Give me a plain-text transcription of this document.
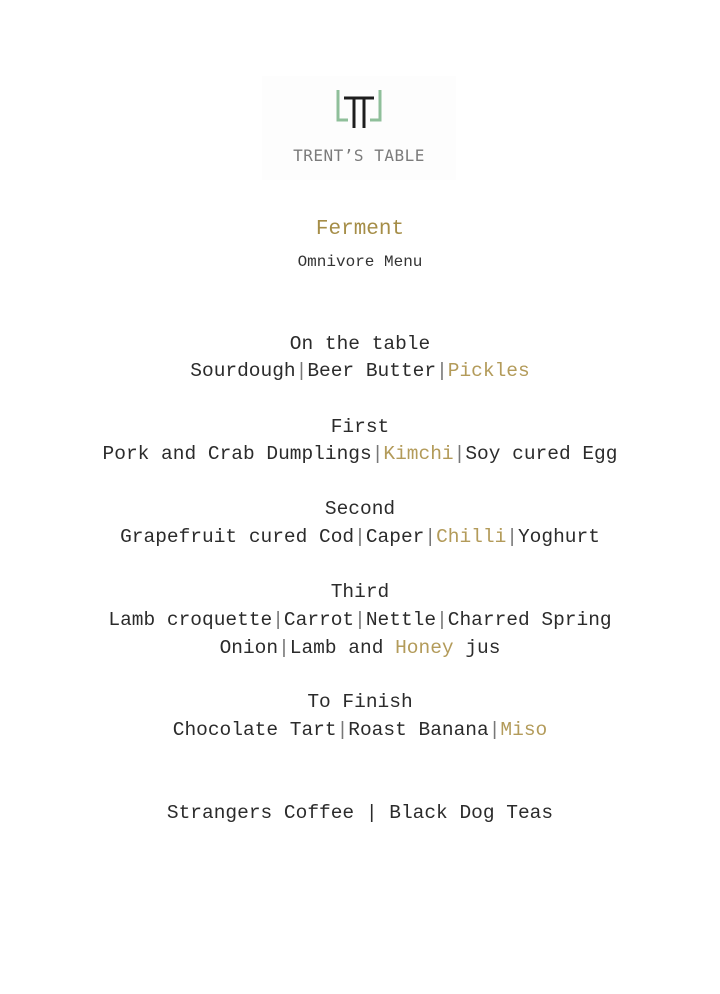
TRENT’S TABLE
Ferment
Omnivore Menu
On the table
Sourdough|Beer Butter|Pickles
First
Pork and Crab Dumplings|Kimchi|Soy cured Egg
Second
Grapefruit cured Cod|Caper|Chilli|Yoghurt
Third
Lamb croquette|Carrot|Nettle|Charred Spring
Onion|Lamb and Honey jus
To Finish
Chocolate Tart|Roast Banana|Miso
Strangers Coffee | Black Dog Teas
